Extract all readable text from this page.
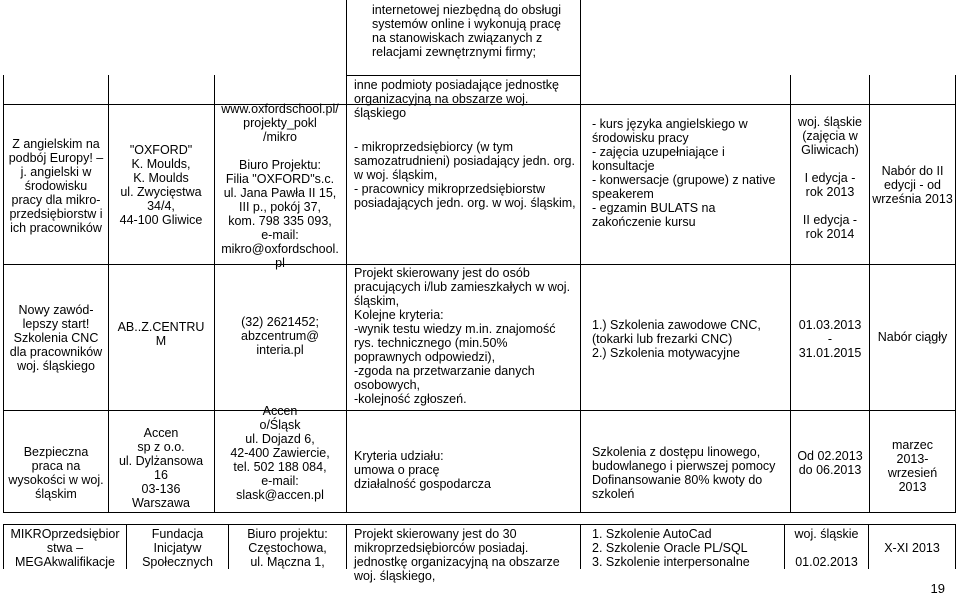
internetowej niezbędną do obsługi systemów online i wykonują pracę na stanowiskach związanych z relacjami zewnętrznymi firmy;
Z angielskim na podbój Europy! – j. angielski w środowisku pracy dla mikro-przedsiębiorstw i ich pracowników
Nowy zawód-lepszy start! Szkolenia CNC dla pracowników woj. śląskiego
Bezpieczna praca na wysokości w woj. śląskim
"OXFORD"
K. Moulds,
K. Moulds
ul. Zwycięstwa 34/4,
44-100 Gliwice
AB..Z.CENTRU M
Accen
sp z o.o.
ul. Dylżansowa
16
03-136
Warszawa
www.oxfordschool.pl/
projekty_pokl
/mikro

Biuro Projektu:
Filia "OXFORD"s.c.
ul. Jana Pawła II 15,
III p., pokój 37,
kom. 798 335 093,
e-mail:
mikro@oxfordschool.
pl
(32) 2621452;
abzcentrum@
interia.pl
Accen
o/Śląsk
ul. Dojazd 6,
42-400 Zawiercie,
tel. 502 188 084,
e-mail:
slask@accen.pl
inne podmioty posiadające jednostkę organizacyjną na obszarze woj. śląskiego
- mikroprzedsiębiorcy (w tym samozatrudnieni) posiadający jedn. org. w woj. śląskim,
- pracownicy mikroprzedsiębiorstw posiadających jedn. org. w woj. śląskim,
Projekt skierowany jest do osób pracujących i/lub zamieszkałych w woj. śląskim,
Kolejne kryteria:
-wynik testu wiedzy m.in. znajomość rys. technicznego (min.50% poprawnych odpowiedzi),
-zgoda na przetwarzanie danych osobowych,
-kolejność zgłoszeń.
Kryteria udziału:
umowa o pracę
działalność gospodarcza
- kurs języka angielskiego w środowisku pracy
- zajęcia uzupełniające i konsultacje
- konwersacje (grupowe) z native speakerem
- egzamin BULATS na zakończenie kursu
1.) Szkolenia zawodowe CNC,
(tokarki lub frezarki CNC)
2.) Szkolenia motywacyjne
Szkolenia z dostępu linowego, budowlanego i pierwszej pomocy Dofinansowanie 80% kwoty do szkoleń
woj. śląskie
(zajęcia w Gliwicach)

I edycja -
rok 2013

II edycja -
rok 2014
01.03.2013
-
31.01.2015
Od 02.2013
do 06.2013
Nabór do II edycji - od września 2013
Nabór ciągły
marzec
2013-
wrzesień
2013
MIKROprzedsiębior stwa –
MEGAkwalifikacje
Fundacja
Inicjatyw
Społecznych
Biuro projektu:
Częstochowa,
ul. Mączna 1,
Projekt skierowany jest do 30 mikroprzedsiębiorców posiadaj. jednostkę organizacyjną na obszarze woj. śląskiego,
1. Szkolenie AutoCad
2. Szkolenie Oracle PL/SQL
3. Szkolenie interpersonalne
woj. śląskie

01.02.2013
X-XI 2013
19
